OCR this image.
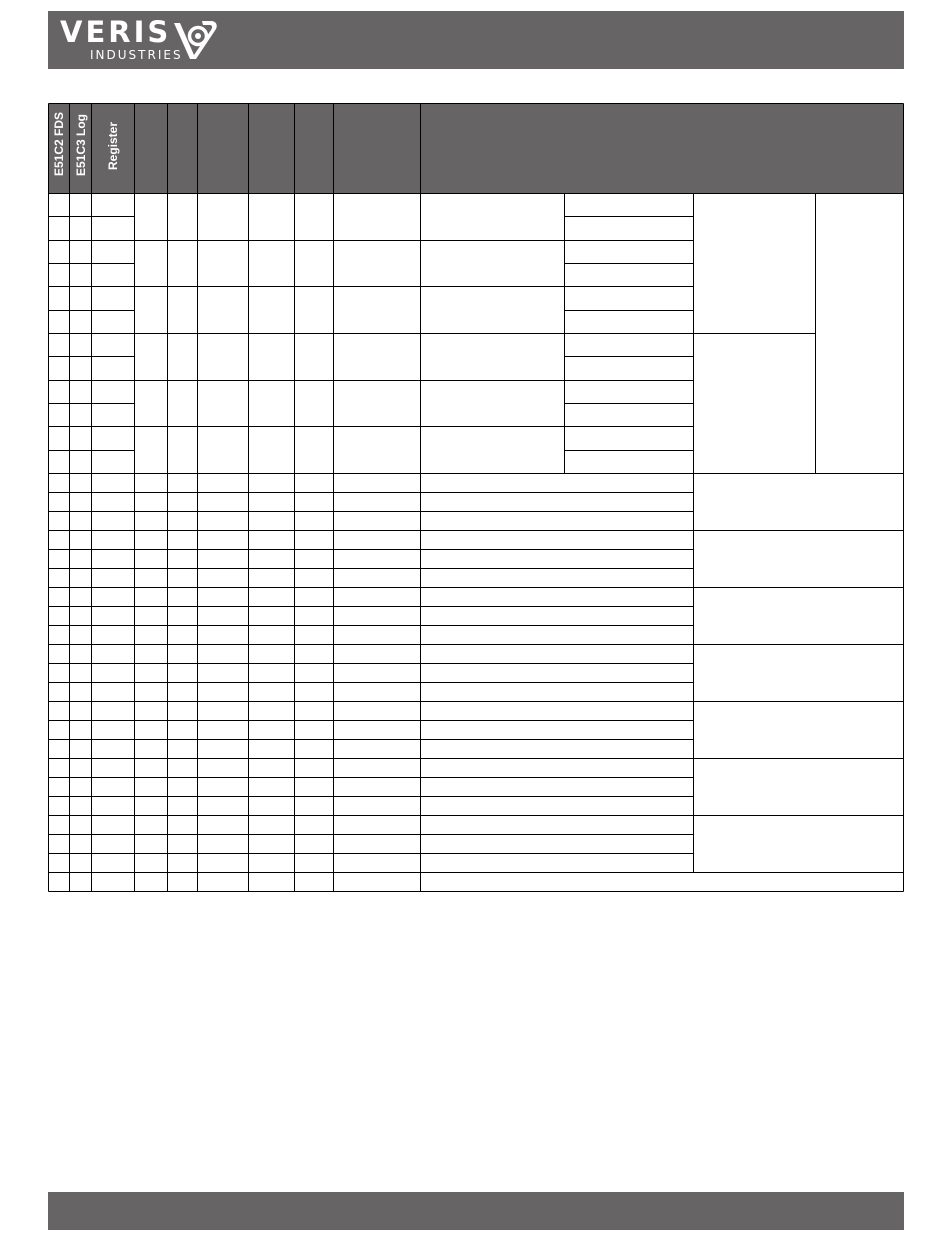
VERIS
INDUSTRIES
E51C2 FDS E51C3 Log Register
